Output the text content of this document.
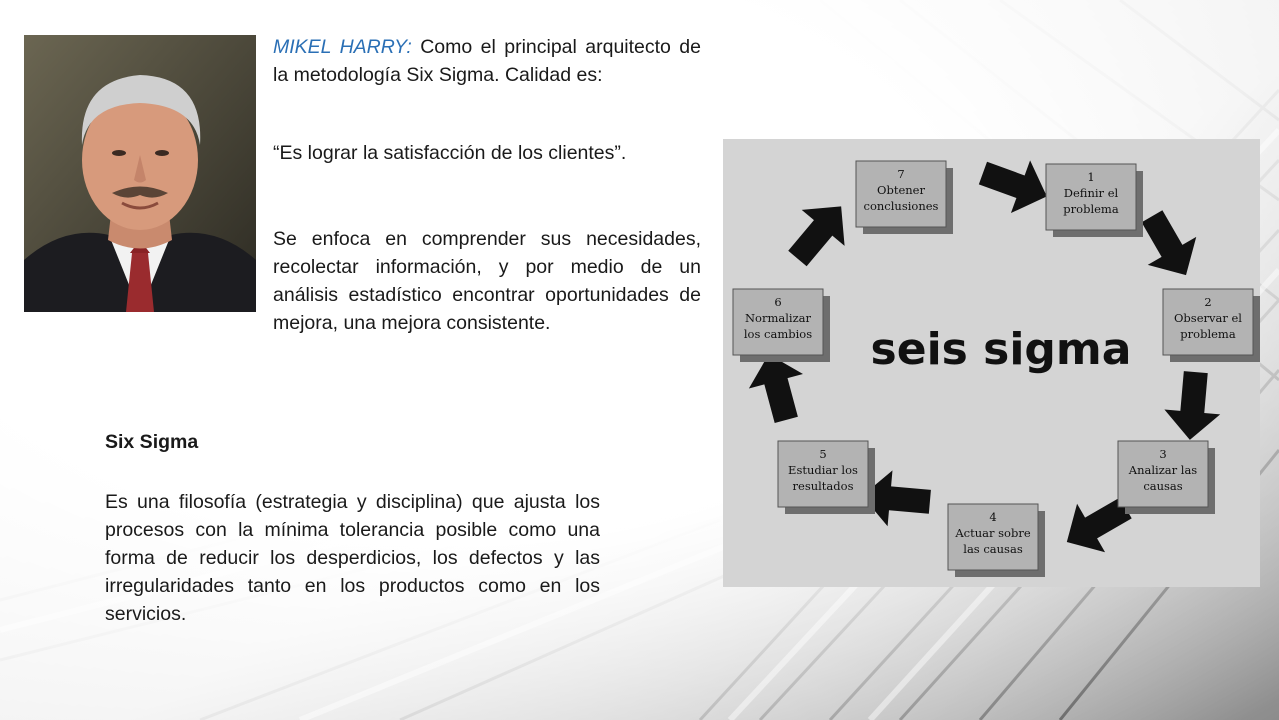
MIKEL HARRY: Como el principal arquitecto de la metodología Six Sigma. Calidad es:
“Es lograr la satisfacción de los clientes”.
Se enfoca en comprender sus necesidades, recolectar información, y por medio de un análisis estadístico encontrar oportunidades de mejora, una mejora consistente.
Six Sigma
Es una filosofía (estrategia y disciplina) que ajusta los procesos con la mínima tolerancia posible como una forma de reducir los desperdicios, los defectos y las irregularidades tanto en los productos como en los servicios.
seis sigma
1
Definir el
problema
2
Observar el
problema
3
Analizar las
causas
4
Actuar sobre
las causas
5
Estudiar los
resultados
6
Normalizar
los cambios
7
Obtener
conclusiones
